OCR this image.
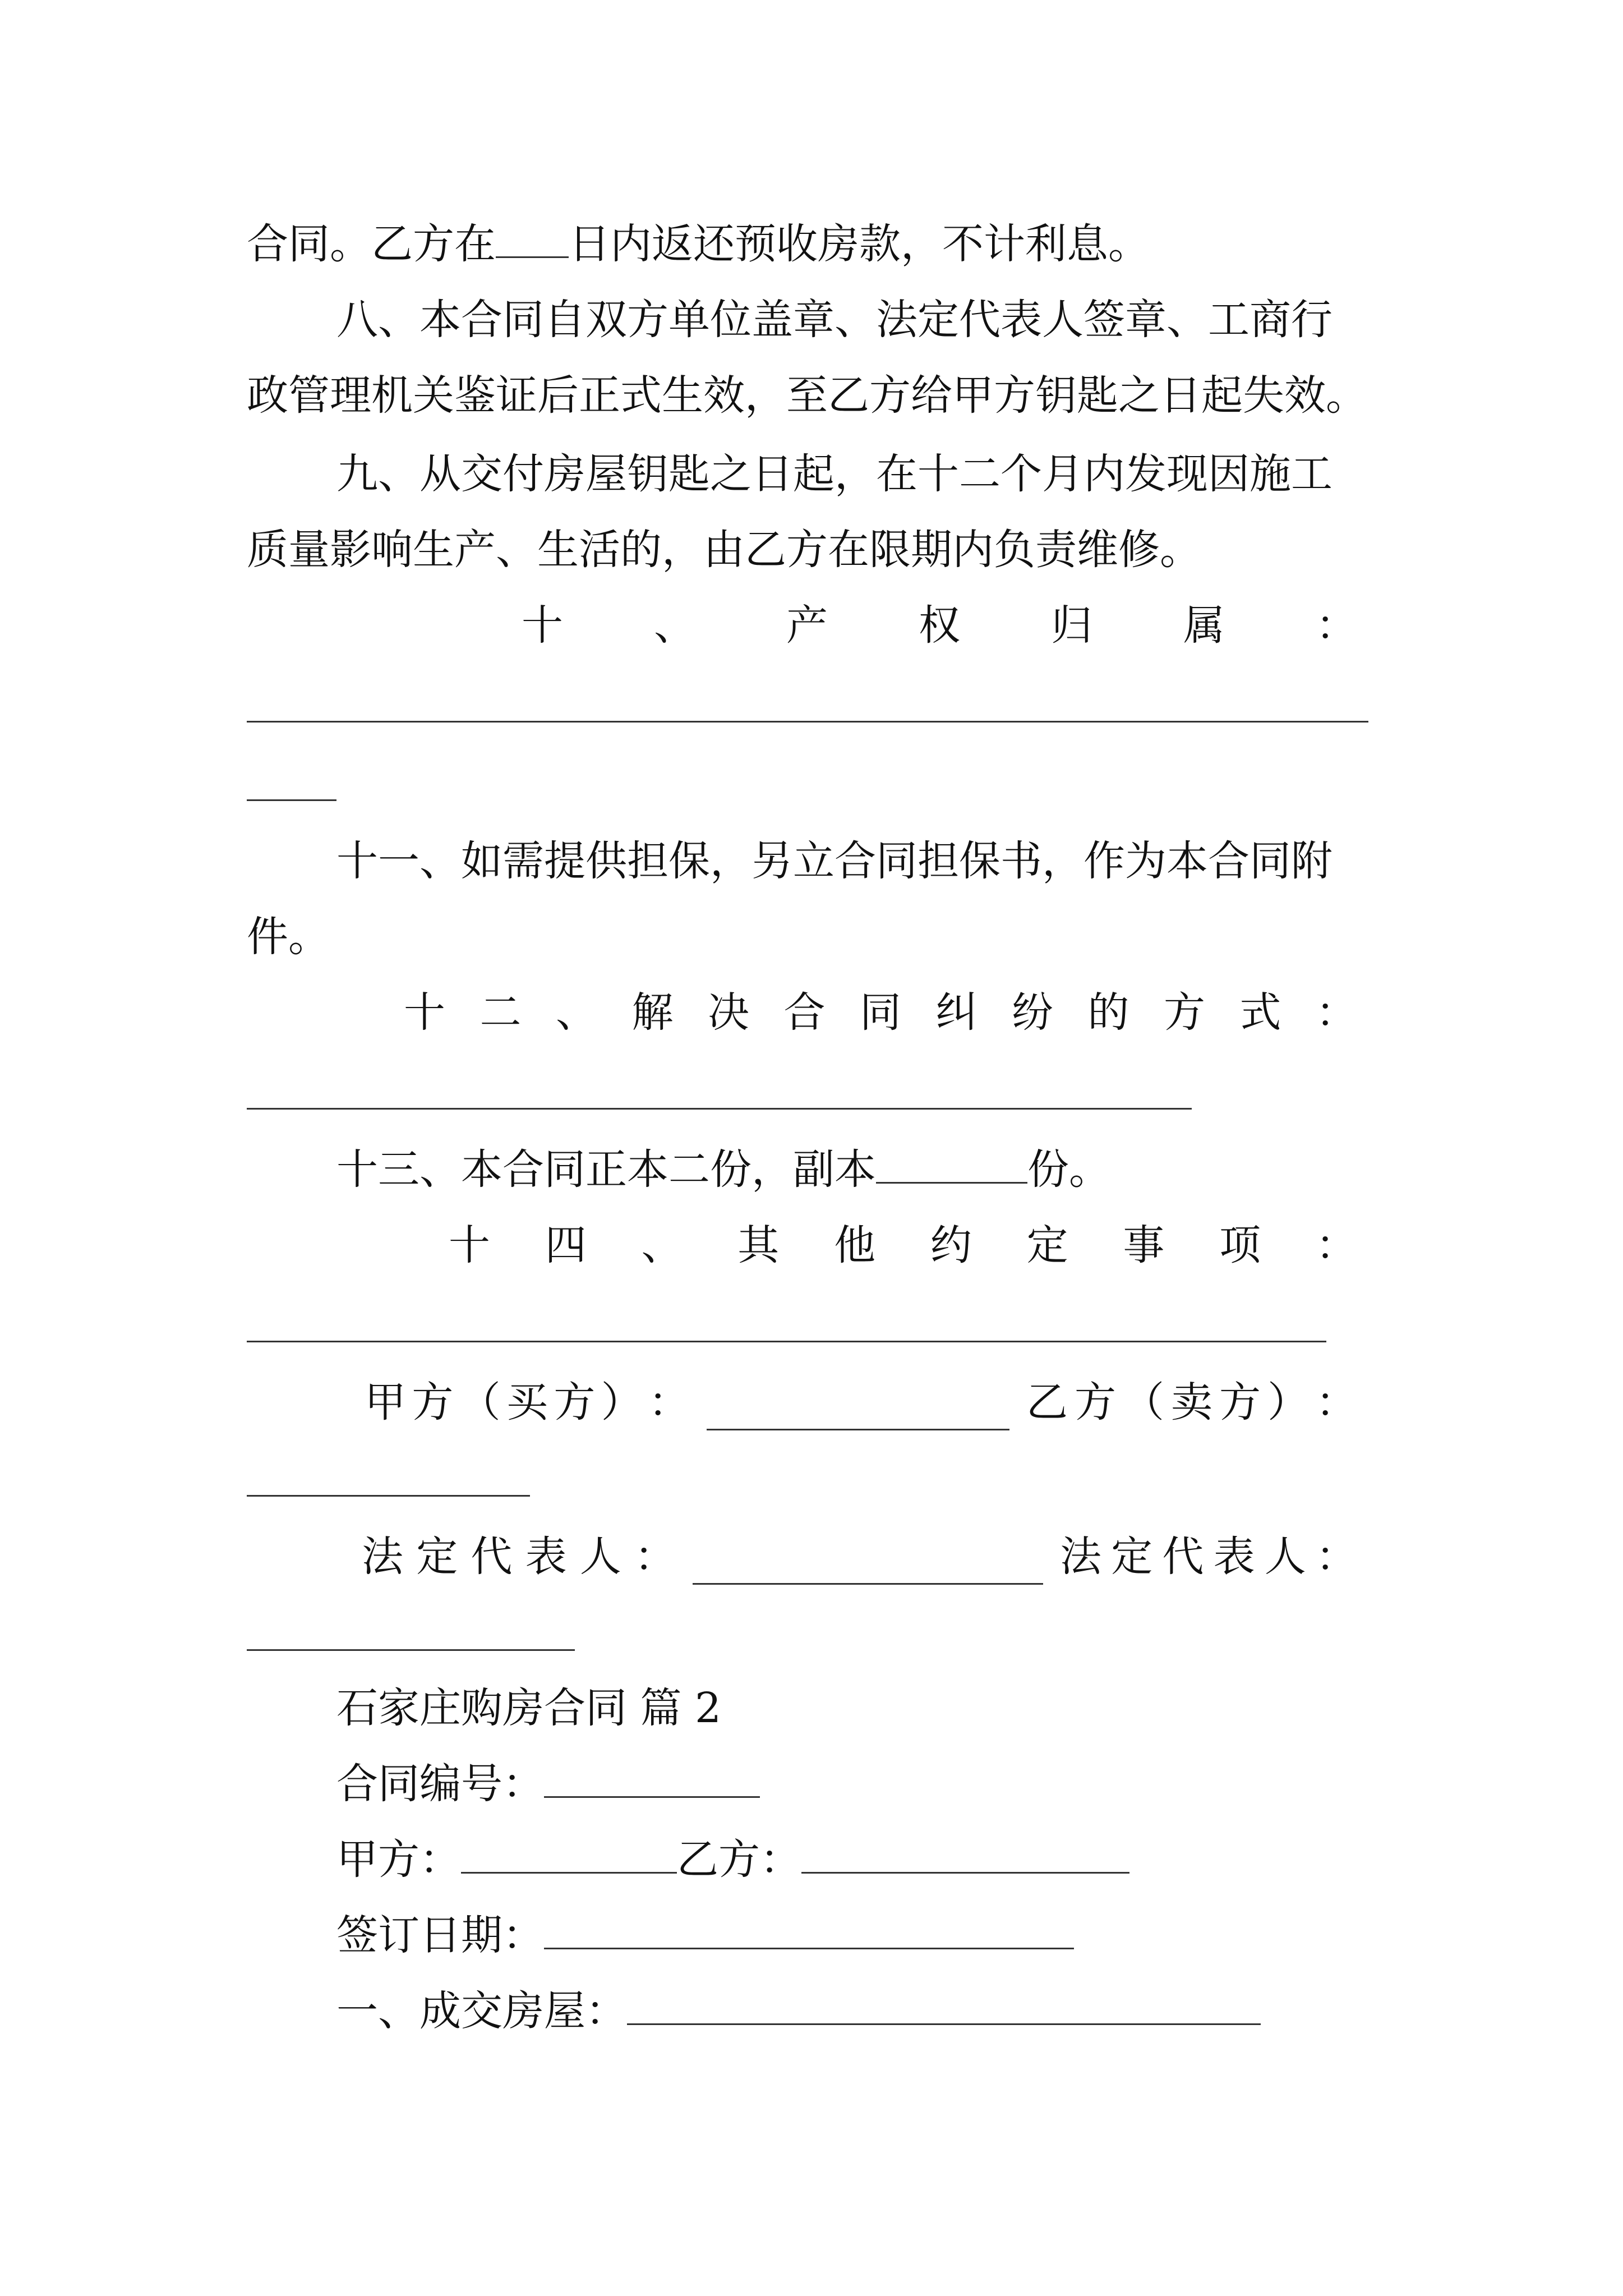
合同。乙方在 日内返还预收房款，不计利息。
八、本合同自双方单位盖章、法定代表人签章、工商行
政管理机关鉴证后正式生效，至乙方给甲方钥匙之日起失效。
九、从交付房屋钥匙之日起，在十二个月内发现因施工
质量影响生产、生活的，由乙方在限期内负责维修。
十 、 产 权 归 属 ：
十一、如需提供担保，另立合同担保书，作为本合同附
件。
十 二 、 解 决 合 同 纠 纷 的 方 式 ：
十三、本合同正本二份，副本	份。
十 四 、 其 他 约 定 事 项 ：
甲 方 （ 买 方 ） ：	乙 方 （ 卖 方 ） ：
法 定 代 表 人 ：	法 定 代 表 人 ：
石家庄购房合同 篇 2
合同编号：
甲方：	乙方：
签订日期：
一、成交房屋：
